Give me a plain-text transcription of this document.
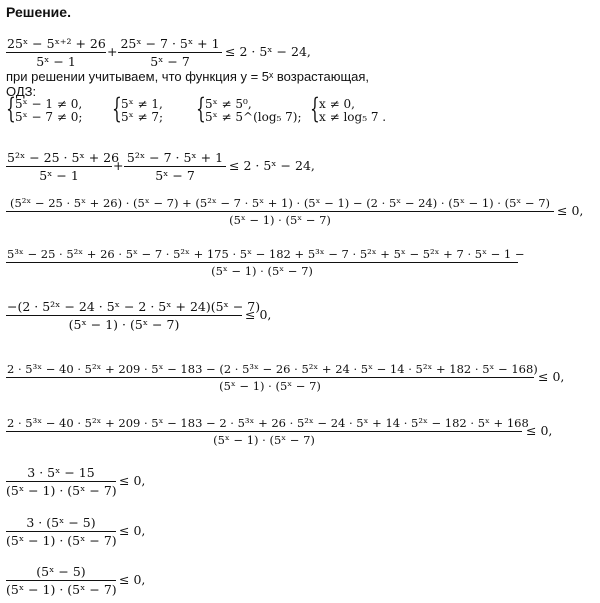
Решение.
$\frac{\text{25ˣ − 5ˣ⁺² + 26}}{\text{5ˣ − 1}} + \frac{\text{25ˣ − 7 · 5ˣ + 1}}{\text{5ˣ − 7}} \le 2$ · 5ˣ − 24,
при решении учитываем, что функция y = 5ˣ возрастающая,
ОДЗ:
{ 5ˣ − 1 ≠ 0,
5ˣ − 7 ≠ 0; { 5ˣ ≠ 1,
5ˣ ≠ 7; { 5ˣ ≠ 5⁰,
5ˣ ≠ 5^(log₅ 7); { x ≠ 0,
x ≠ log₅ 7 .
$\frac{\text{5²ˣ − 25 · 5ˣ + 26}}{\text{5ˣ − 1}} + \frac{\text{5²ˣ − 7 · 5ˣ + 1}}{\text{5ˣ − 7}} \le 2$ · 5ˣ − 24,
(5²ˣ − 25 · 5ˣ + 26) · (5ˣ − 7) + (5²ˣ − 7 · 5ˣ + 1) · (5ˣ − 1) − (2 · 5ˣ − 24) · (5ˣ − 1) · (5ˣ − 7)
(5ˣ − 1) · (5ˣ − 7)
≤ 0,
5³ˣ − 25 · 5²ˣ + 26 · 5ˣ − 7 · 5²ˣ + 175 · 5ˣ − 182 + 5³ˣ − 7 · 5²ˣ + 5ˣ − 5²ˣ + 7 · 5ˣ − 1 −
(5ˣ − 1) · (5ˣ − 7)
$\frac{\text{−(2 · 5²ˣ − 24 · 5ˣ − 2 · 5ˣ + 24)(5ˣ − 7)}}{\text{(5ˣ − 1) · (5ˣ − 7)}} \le 0$,
2 · 5³ˣ − 40 · 5²ˣ + 209 · 5ˣ − 183 − (2 · 5³ˣ − 26 · 5²ˣ + 24 · 5ˣ − 14 · 5²ˣ + 182 · 5ˣ − 168)
(5ˣ − 1) · (5ˣ − 7)
≤ 0,
2 · 5³ˣ − 40 · 5²ˣ + 209 · 5ˣ − 183 − 2 · 5³ˣ + 26 · 5²ˣ − 24 · 5ˣ + 14 · 5²ˣ − 182 · 5ˣ + 168
(5ˣ − 1) · (5ˣ − 7)
≤ 0,
$\frac{\text{3 · 5ˣ − 15}}{\text{(5ˣ − 1) · (5ˣ − 7)}} \le 0$,
$\frac{\text{3 · (5ˣ − 5)}}{\text{(5ˣ − 1) · (5ˣ − 7)}} \le 0$,
$\frac{\text{(5ˣ − 5)}}{\text{(5ˣ − 1) · (5ˣ − 7)}} \le 0$,
